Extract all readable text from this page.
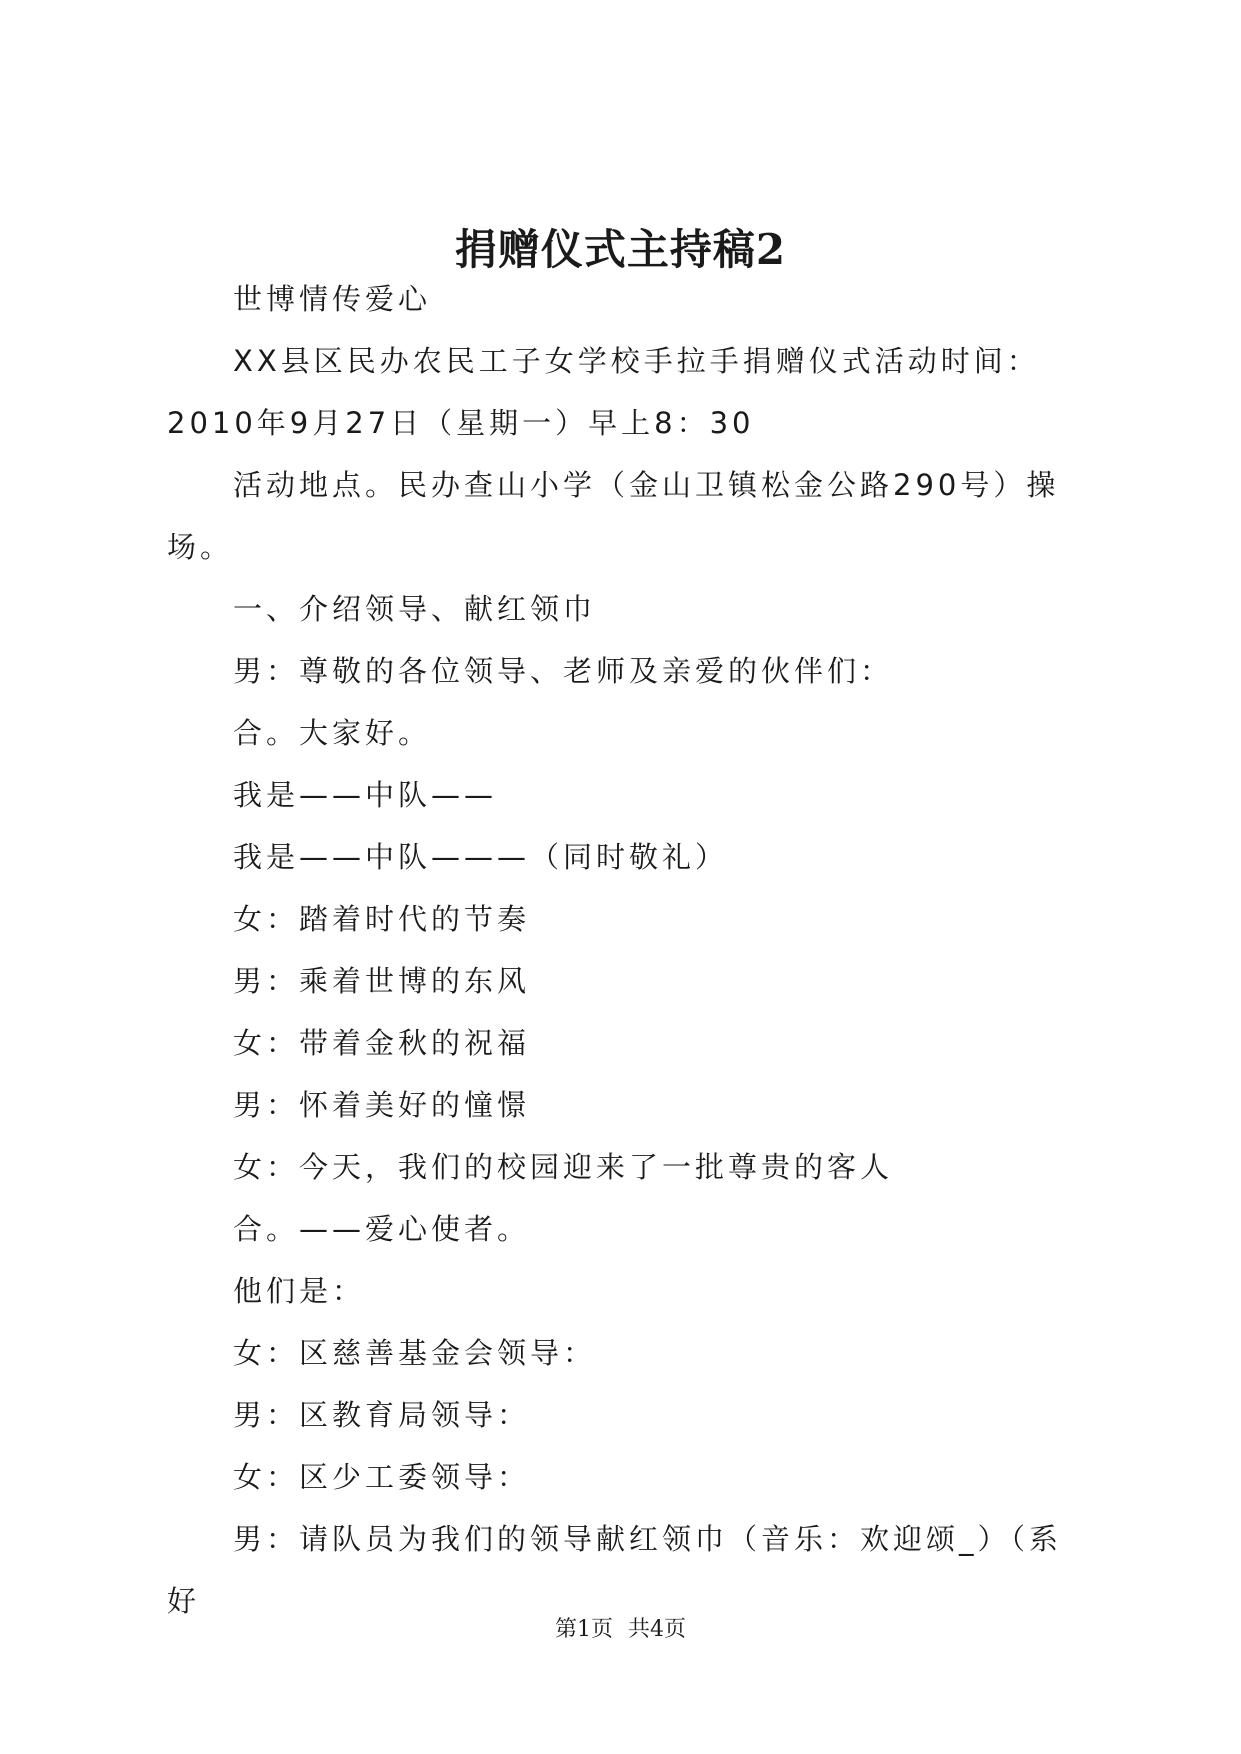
捐赠仪式主持稿2

世博情传爱心

XX县区民办农民工子女学校手拉手捐赠仪式活动时间：2010年9月27日（星期一）早上8：30

活动地点。民办查山小学（金山卫镇松金公路290号）操场。

一、介绍领导、献红领巾

男：尊敬的各位领导、老师及亲爱的伙伴们：

合。大家好。

我是——中队——

我是——中队———（同时敬礼）

女：踏着时代的节奏

男：乘着世博的东风

女：带着金秋的祝福

男：怀着美好的憧憬

女：今天，我们的校园迎来了一批尊贵的客人

合。——爱心使者。

他们是：

女：区慈善基金会领导：

男：区教育局领导：

女：区少工委领导：

男：请队员为我们的领导献红领巾（音乐：欢迎颂_）（系好

第1页 共4页
